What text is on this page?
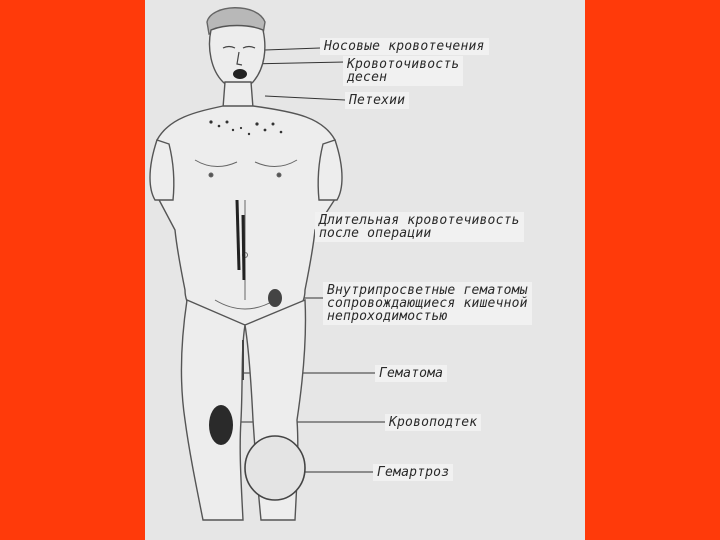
Носовые кровотечения
Кровоточивость
десен
Петехии
Длительная кровотечивость
после операции
Внутрипросветные гематомы
сопровождающиеся кишечной
непроходимостью
Гематома
Кровоподтек
Гемартроз
